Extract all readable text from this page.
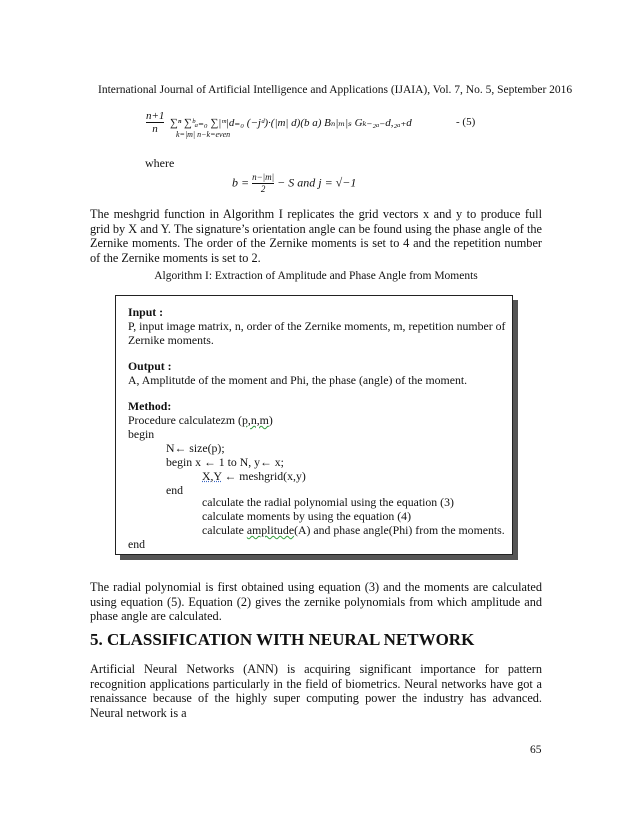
International Journal of Artificial Intelligence and Applications (IJAIA), Vol. 7, No. 5, September 2016
$\frac{n+1}{n} \sum^n$ ∑ᵇₐ₌₀ ∑|ᵐ|d₌₀ (−jᵈ)·(|m| d)(b a) Bₙ|ₘ|ₛ Gₖ₋₂ₐ₋d,₂ₐ₊d
k=|m| n−k=even
- (5)
where
$b = \frac{n-|m|}{2} - S$ and j = √−1

The meshgrid function in Algorithm I replicates the grid vectors x and y to produce full grid by X and Y. The signature’s orientation angle can be found using the phase angle of the Zernike moments. The order of the Zernike moments is set to 4 and the repetition number of the Zernike moments is set to 2.

Algorithm I: Extraction of Amplitude and Phase Angle from Moments
Input :
P, input image matrix, n, order of the Zernike moments, m, repetition number of
Zernike moments.
Output :
A, Amplitutde of the moment and Phi, the phase (angle) of the moment.
Method:
Procedure calculatezm (p,n,m)
begin
N← size(p);
begin x ← 1 to N, y← x;
X,Y ← meshgrid(x,y)
end
calculate the radial polynomial using the equation (3)
calculate moments by using the equation (4)
calculate amplitude(A) and phase angle(Phi) from the moments.
end

The radial polynomial is first obtained using equation (3) and the moments are calculated using equation (5). Equation (2) gives the zernike polynomials from which amplitude and phase angle are calculated.

5. CLASSIFICATION WITH NEURAL NETWORK

Artificial Neural Networks (ANN) is acquiring significant importance for pattern recognition applications particularly in the field of biometrics. Neural networks have got a renaissance because of the highly super computing power the industry has advanced. Neural network is a

65
